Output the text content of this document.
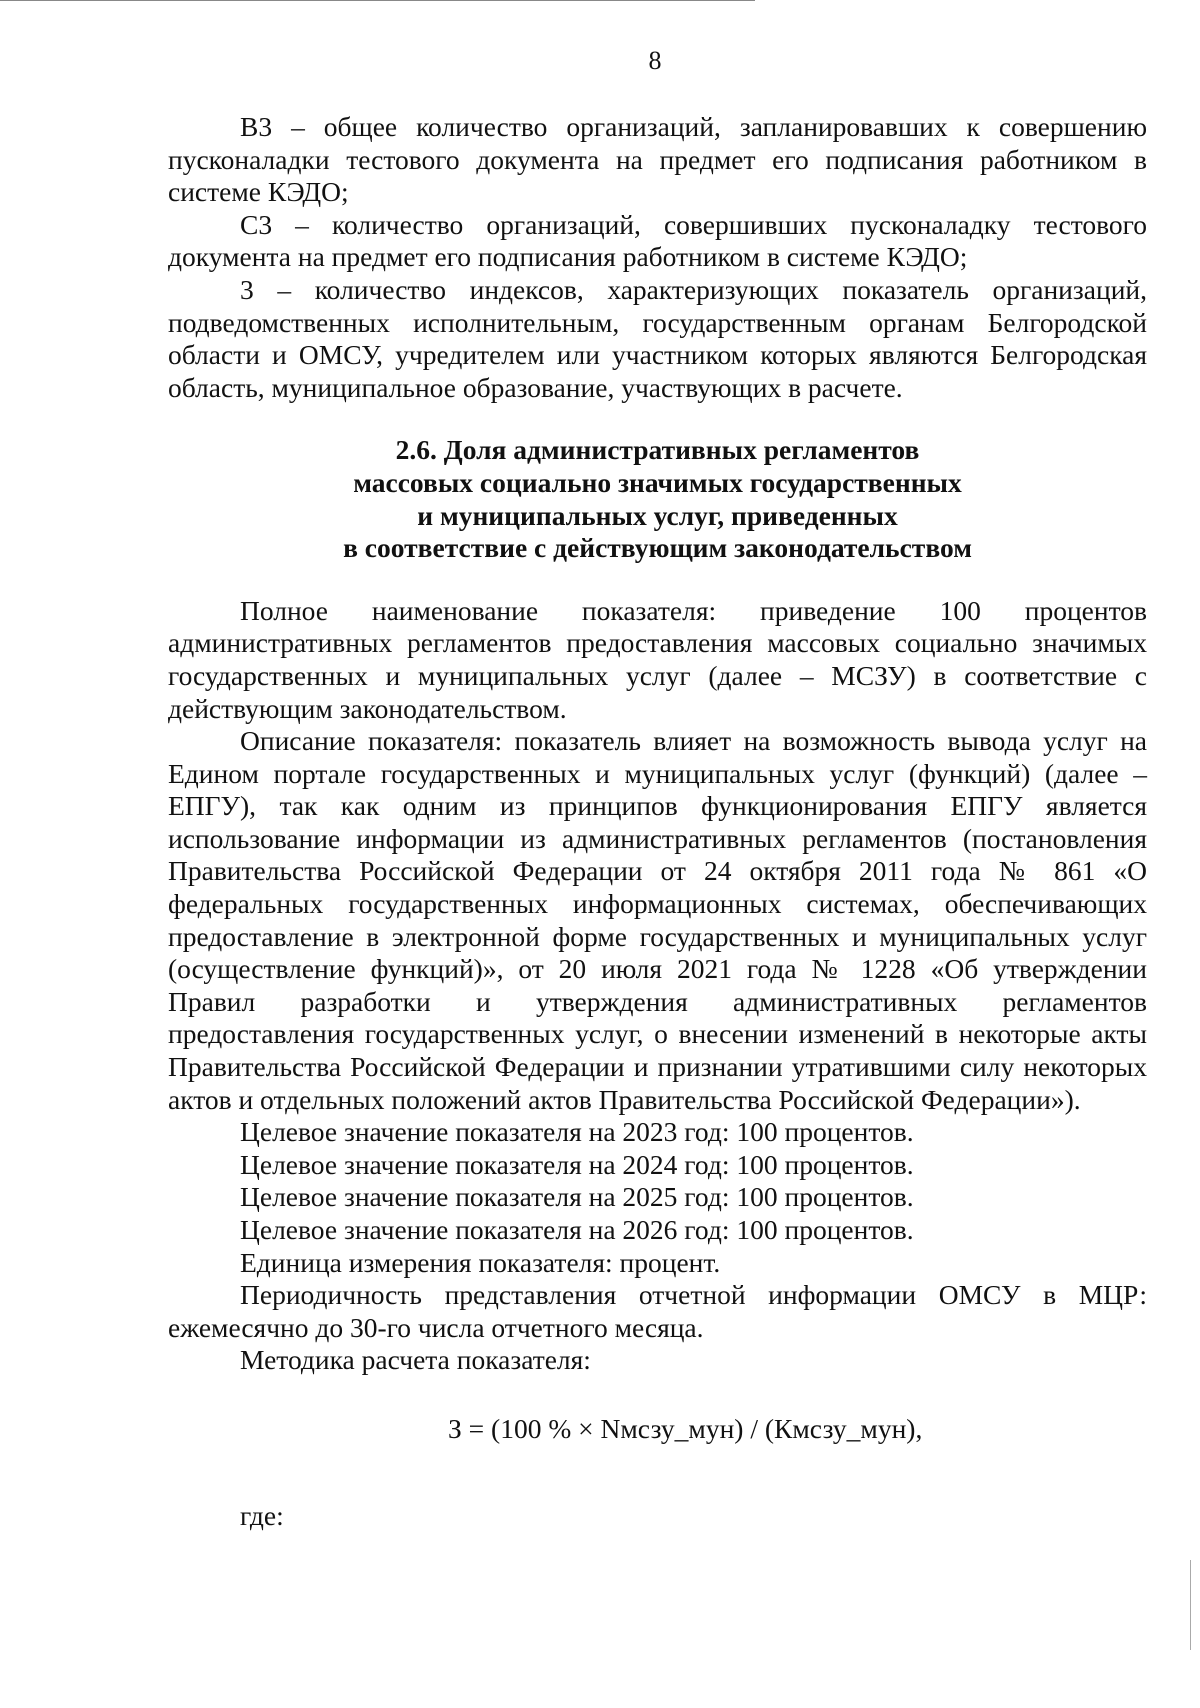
8

В3 – общее количество организаций, запланировавших к совершению пусконаладки тестового документа на предмет его подписания работником в системе КЭДО;

С3 – количество организаций, совершивших пусконаладку тестового документа на предмет его подписания работником в системе КЭДО;

3 – количество индексов, характеризующих показатель организаций, подведомственных исполнительным, государственным органам Белгородской области и ОМСУ, учредителем или участником которых являются Белгородская область, муниципальное образование, участвующих в расчете.

2.6. Доля административных регламентов
массовых социально значимых государственных
и муниципальных услуг, приведенных
в соответствие с действующим законодательством

Полное наименование показателя: приведение 100 процентов административных регламентов предоставления массовых социально значимых государственных и муниципальных услуг (далее – МСЗУ) в соответствие с действующим законодательством.

Описание показателя: показатель влияет на возможность вывода услуг на Едином портале государственных и муниципальных услуг (функций) (далее – ЕПГУ), так как одним из принципов функционирования ЕПГУ является использование информации из административных регламентов (постановления Правительства Российской Федерации от 24 октября 2011 года № 861 «О федеральных государственных информационных системах, обеспечивающих предоставление в электронной форме государственных и муниципальных услуг (осуществление функций)», от 20 июля 2021 года № 1228 «Об утверждении Правил разработки и утверждения административных регламентов предоставления государственных услуг, о внесении изменений в некоторые акты Правительства Российской Федерации и признании утратившими силу некоторых актов и отдельных положений актов Правительства Российской Федерации»).

Целевое значение показателя на 2023 год: 100 процентов.

Целевое значение показателя на 2024 год: 100 процентов.

Целевое значение показателя на 2025 год: 100 процентов.

Целевое значение показателя на 2026 год: 100 процентов.

Единица измерения показателя: процент.

Периодичность представления отчетной информации ОМСУ в МЦР: ежемесячно до 30-го числа отчетного месяца.

Методика расчета показателя:

З = (100 % × Nмсзу_мун) / (Кмсзу_мун),
где:
